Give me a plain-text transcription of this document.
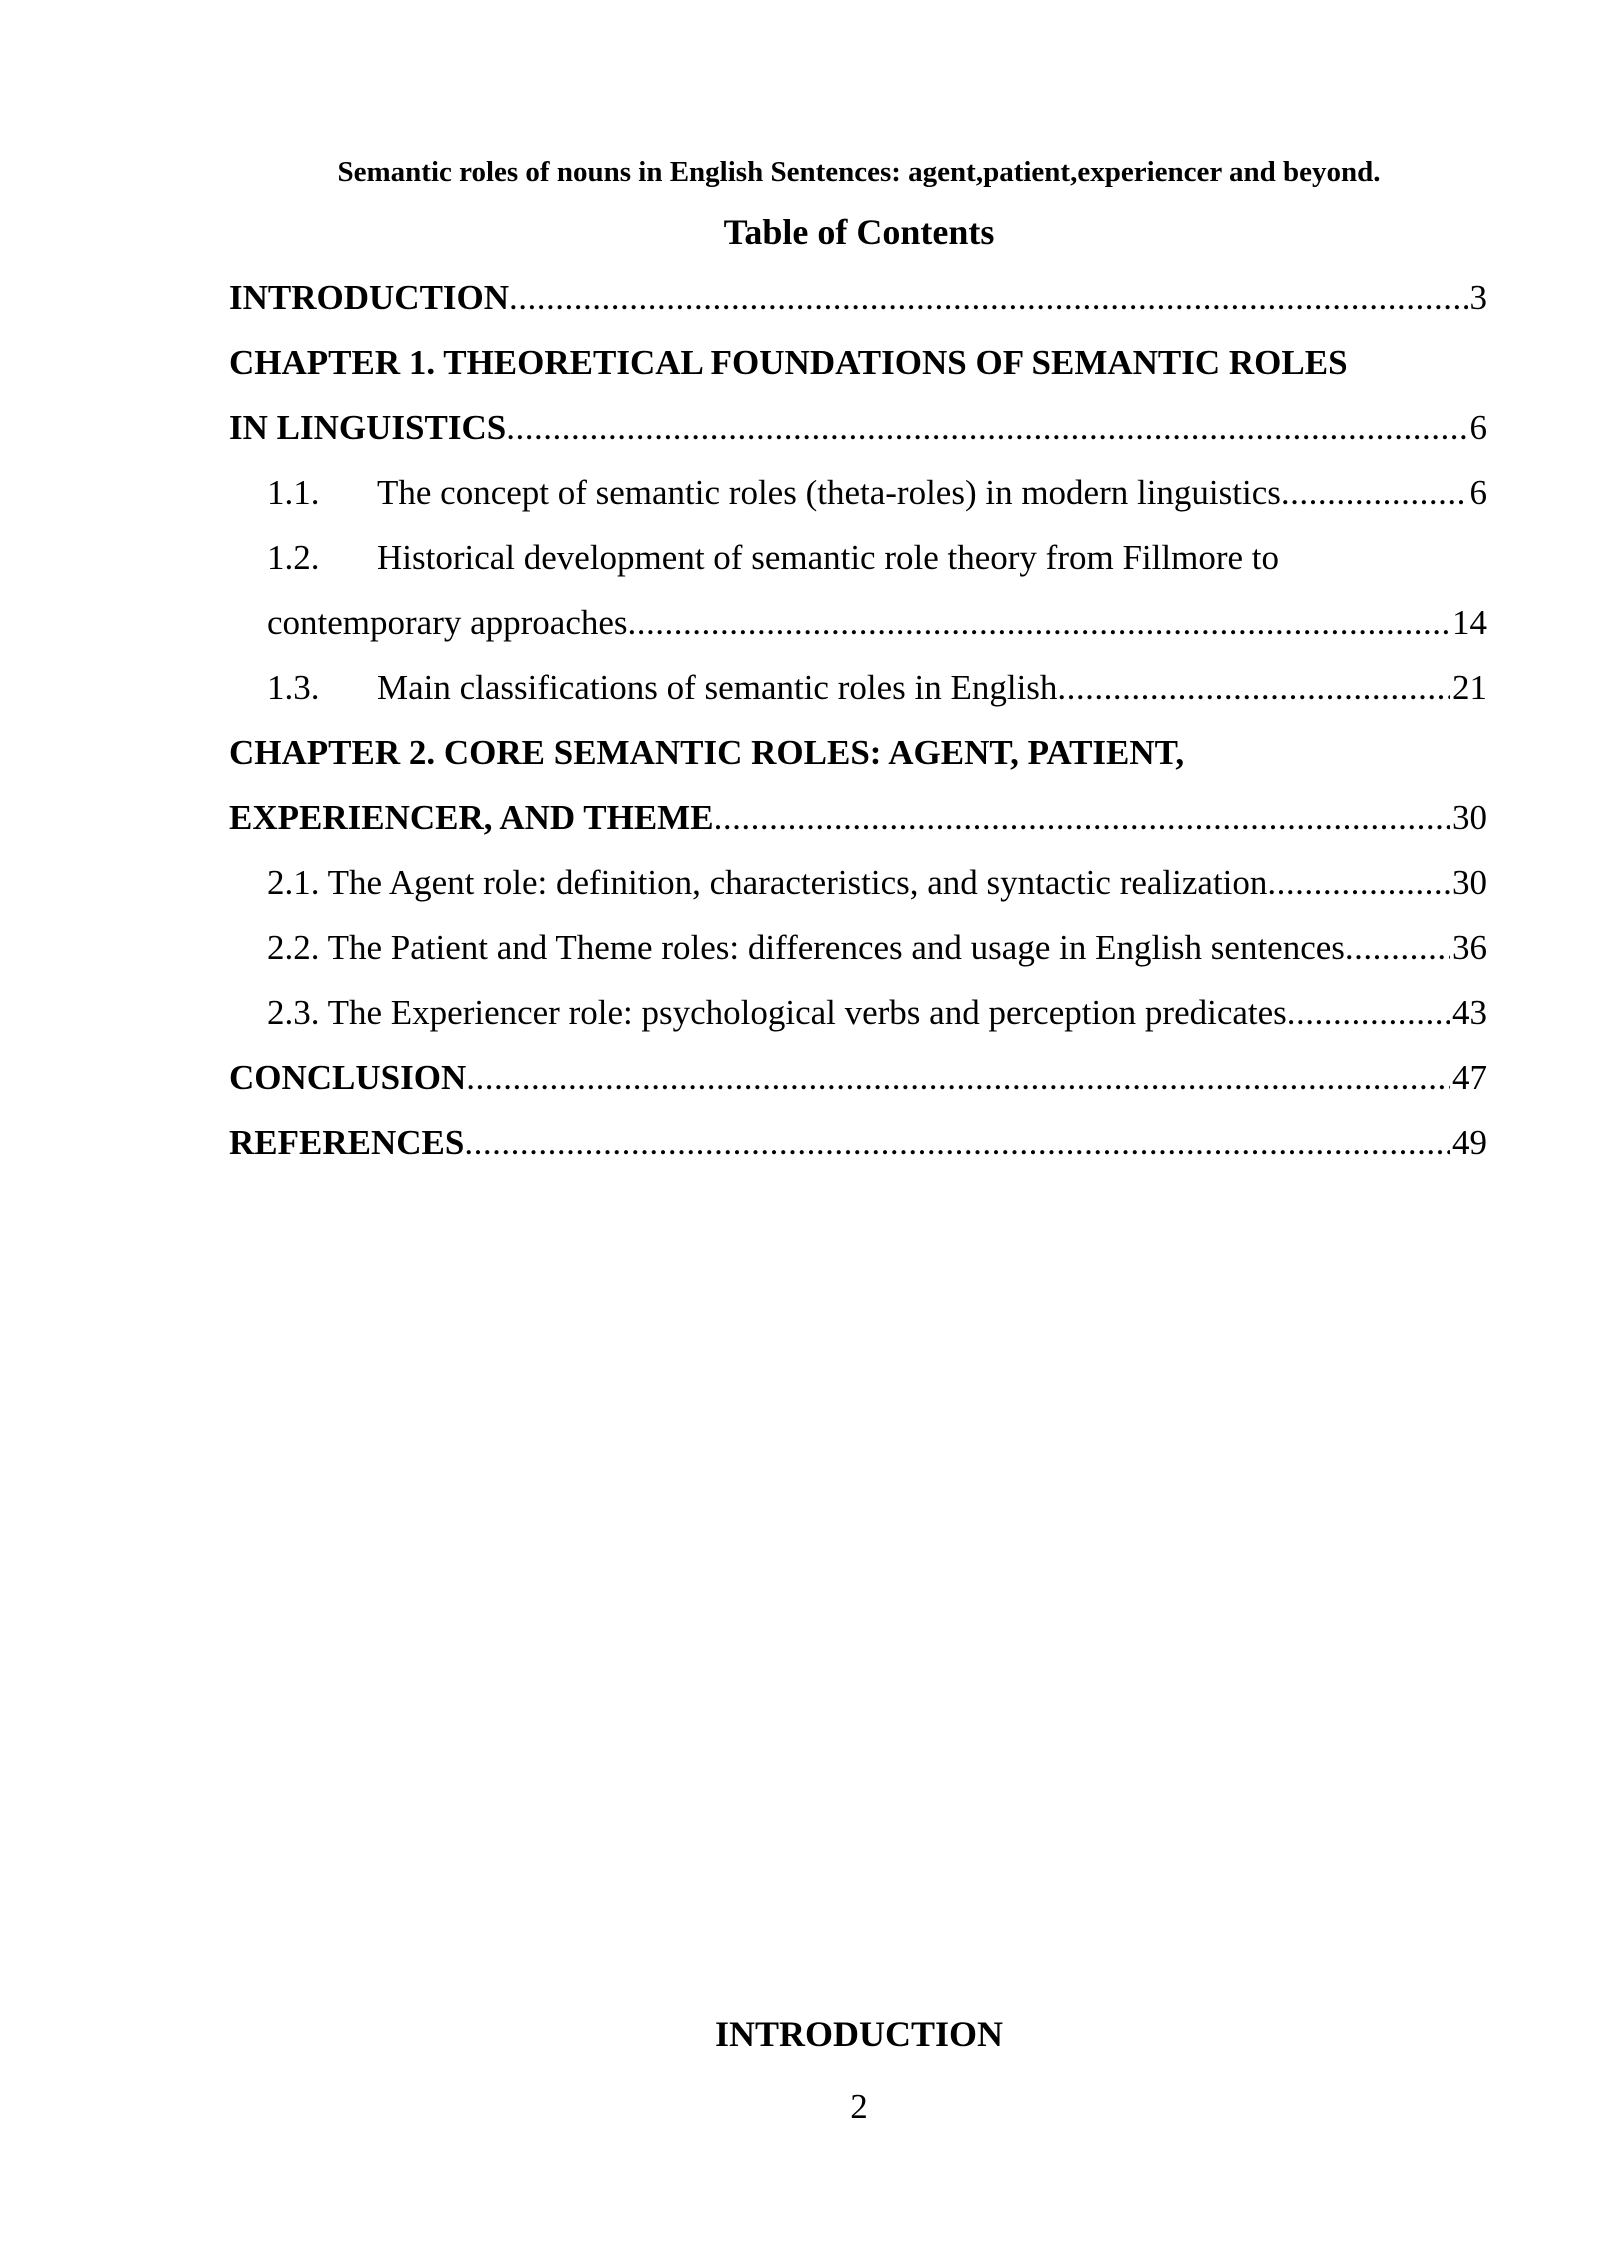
Semantic roles of nouns in English Sentences: agent,patient,experiencer and beyond.
Table of Contents
INTRODUCTION .....	3
CHAPTER 1. THEORETICAL FOUNDATIONS OF SEMANTIC ROLES
IN LINGUISTICS .....	6
1.1.	The concept of semantic roles (theta-roles) in modern linguistics .....	6
1.2.	Historical development of semantic role theory from Fillmore to
contemporary approaches .....	14
1.3.	Main classifications of semantic roles in English .....	21
CHAPTER 2. CORE SEMANTIC ROLES: AGENT, PATIENT,
EXPERIENCER, AND THEME .....	30
2.1. The Agent role: definition, characteristics, and syntactic realization .....	30
2.2. The Patient and Theme roles: differences and usage in English sentences .....	36
2.3. The Experiencer role: psychological verbs and perception predicates .....	43
CONCLUSION .....	47
REFERENCES .....	49
INTRODUCTION
2
